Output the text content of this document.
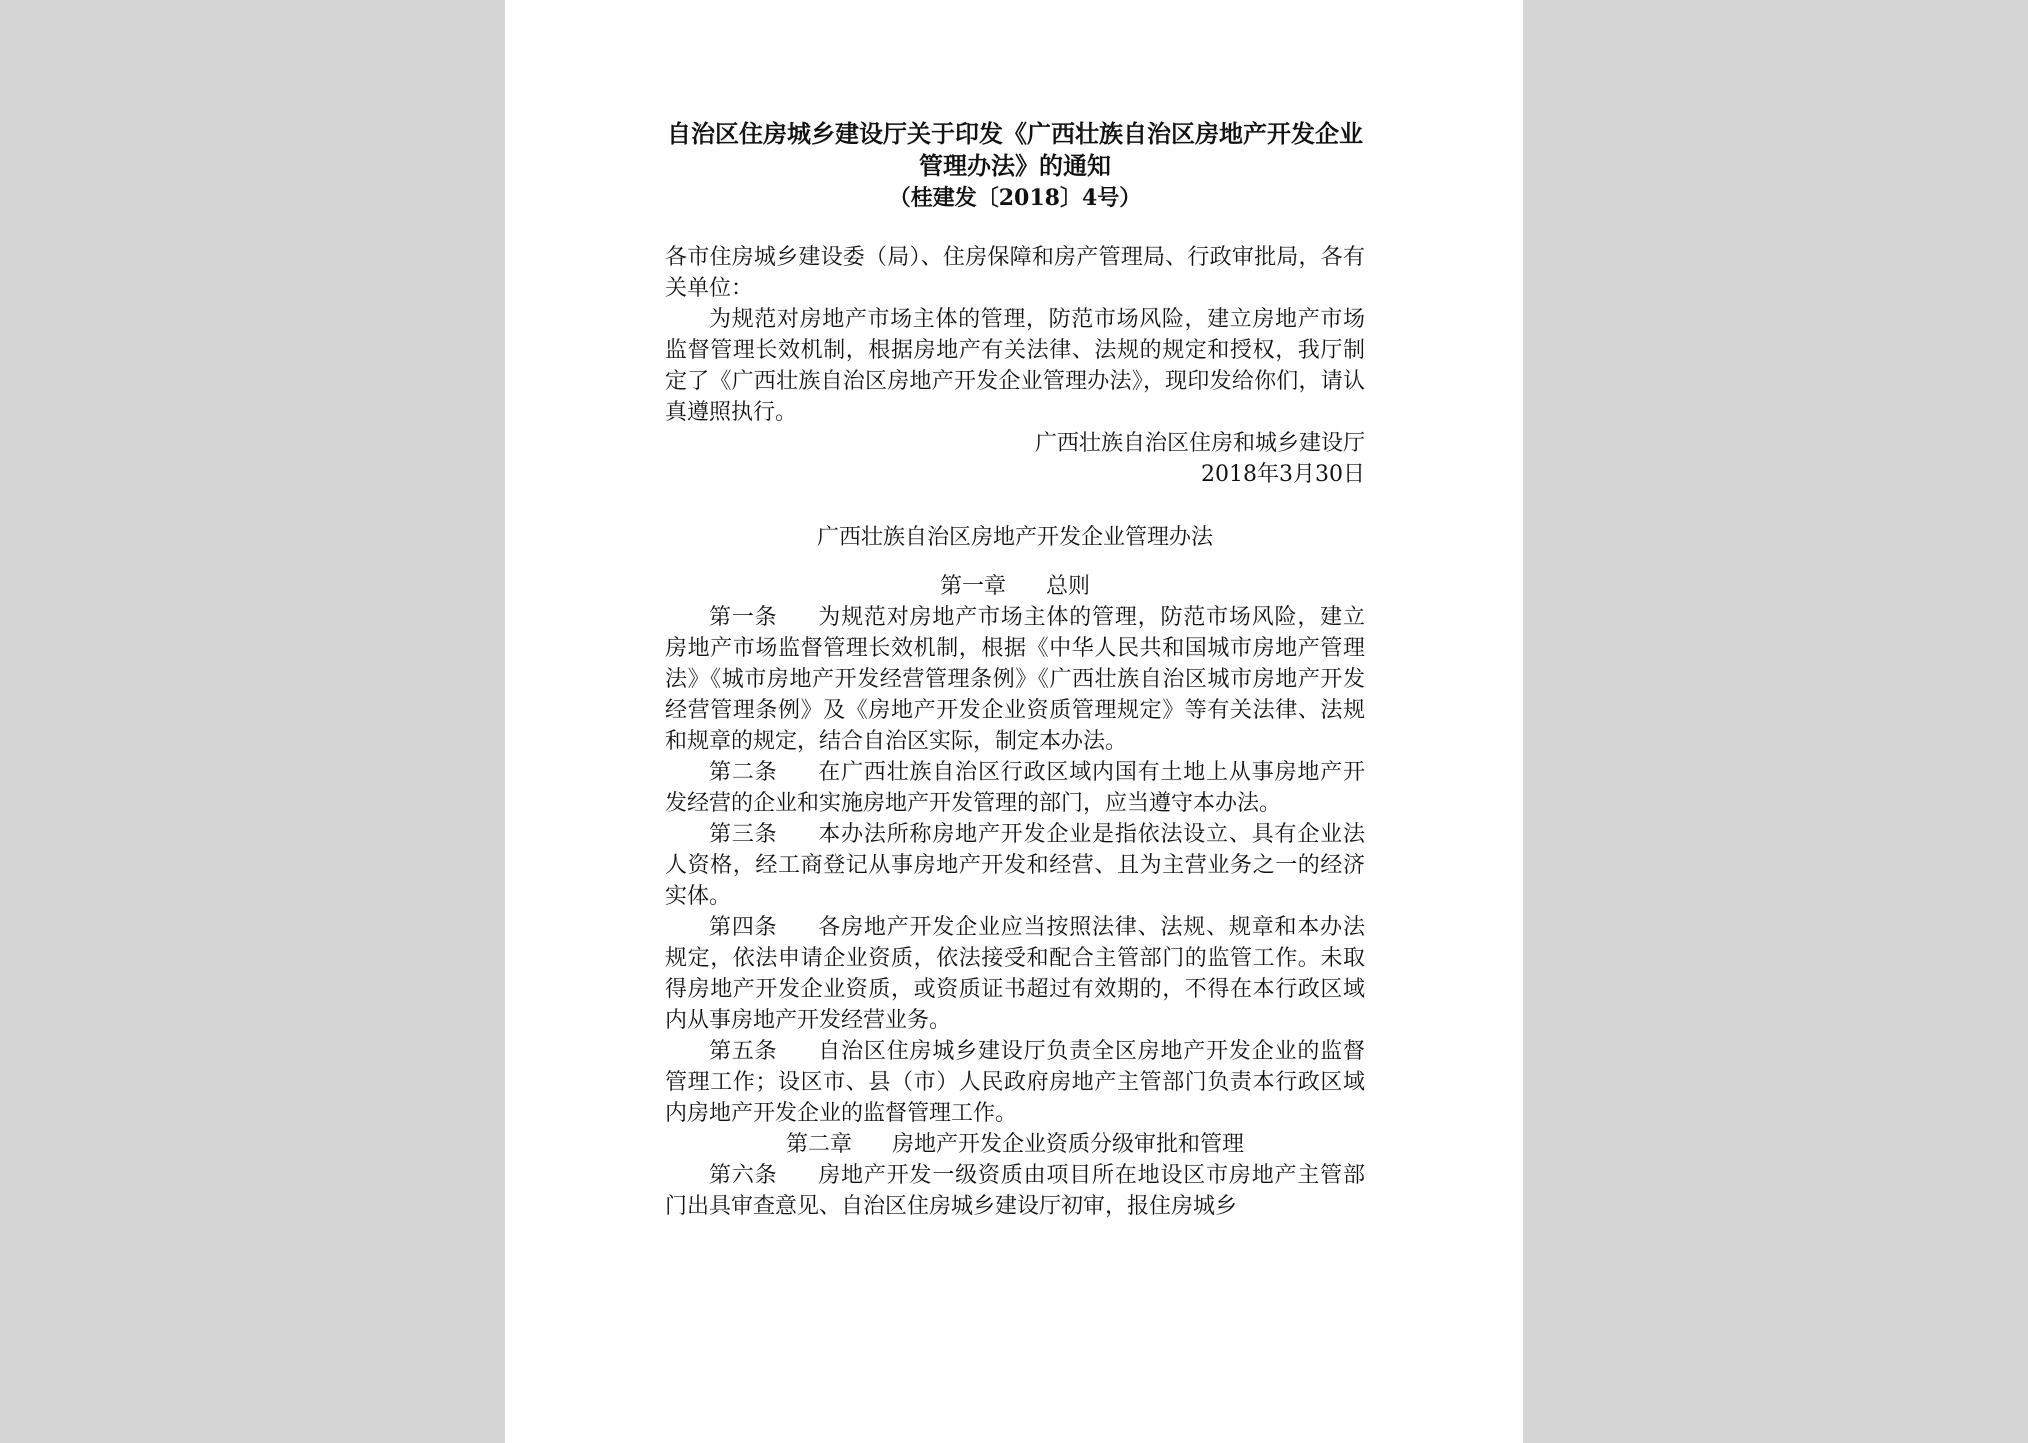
自治区住房城乡建设厅关于印发《广西壮族自治区房地产开发企业
管理办法》的通知
（桂建发〔2018〕4号）

各市住房城乡建设委（局）、住房保障和房产管理局、行政审批局，各有关单位：

为规范对房地产市场主体的管理，防范市场风险，建立房地产市场监督管理长效机制，根据房地产有关法律、法规的规定和授权，我厅制定了《广西壮族自治区房地产开发企业管理办法》，现印发给你们，请认真遵照执行。

广西壮族自治区住房和城乡建设厅

2018年3月30日

广西壮族自治区房地产开发企业管理办法
第一章 总则

第一条 为规范对房地产市场主体的管理，防范市场风险，建立房地产市场监督管理长效机制，根据《中华人民共和国城市房地产管理法》《城市房地产开发经营管理条例》《广西壮族自治区城市房地产开发经营管理条例》及《房地产开发企业资质管理规定》等有关法律、法规和规章的规定，结合自治区实际，制定本办法。

第二条 在广西壮族自治区行政区域内国有土地上从事房地产开发经营的企业和实施房地产开发管理的部门，应当遵守本办法。

第三条 本办法所称房地产开发企业是指依法设立、具有企业法人资格，经工商登记从事房地产开发和经营、且为主营业务之一的经济实体。

第四条 各房地产开发企业应当按照法律、法规、规章和本办法规定，依法申请企业资质，依法接受和配合主管部门的监管工作。未取得房地产开发企业资质，或资质证书超过有效期的，不得在本行政区域内从事房地产开发经营业务。

第五条 自治区住房城乡建设厅负责全区房地产开发企业的监督管理工作；设区市、县（市）人民政府房地产主管部门负责本行政区域内房地产开发企业的监督管理工作。

第二章 房地产开发企业资质分级审批和管理

第六条 房地产开发一级资质由项目所在地设区市房地产主管部门出具审查意见、自治区住房城乡建设厅初审，报住房城乡
